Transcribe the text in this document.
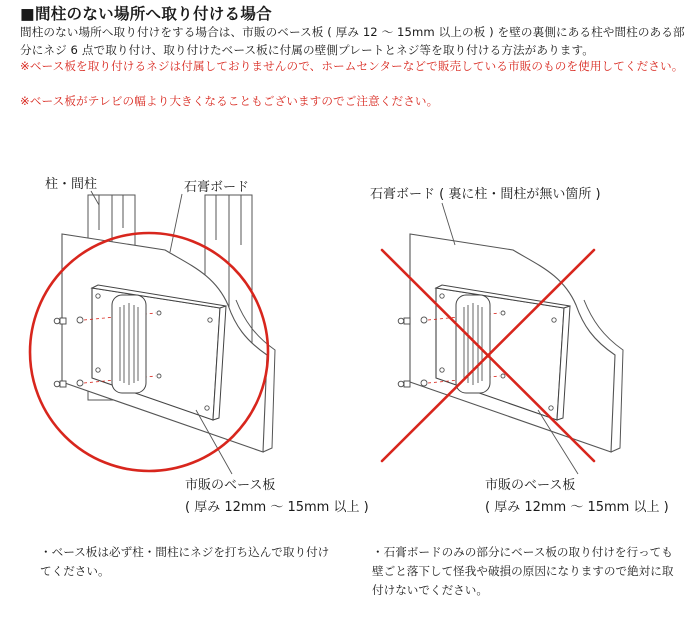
■間柱のない場所へ取り付ける場合
間柱のない場所へ取り付けをする場合は、市販のベース板 ( 厚み 12 ～ 15mm 以上の板 ) を壁の裏側にある柱や間柱のある部分にネジ 6 点で取り付け、取り付けたベース板に付属の壁側プレートとネジ等を取り付ける方法があります。
※ベース板を取り付けるネジは付属しておりませんので、ホームセンターなどで販売している市販のものを使用してください。
※ベース板がテレビの幅より大きくなることもございますのでご注意ください。
柱・間柱	石膏ボード
市販のベース板
( 厚み 12mm ～ 15mm 以上 )
石膏ボード ( 裏に柱・間柱が無い箇所 )
市販のベース板
( 厚み 12mm ～ 15mm 以上 )
・ベース板は必ず柱・間柱にネジを打ち込んで取り付けてください。
・石膏ボードのみの部分にベース板の取り付けを行っても壁ごと落下して怪我や破損の原因になりますので絶対に取付けないでください。
